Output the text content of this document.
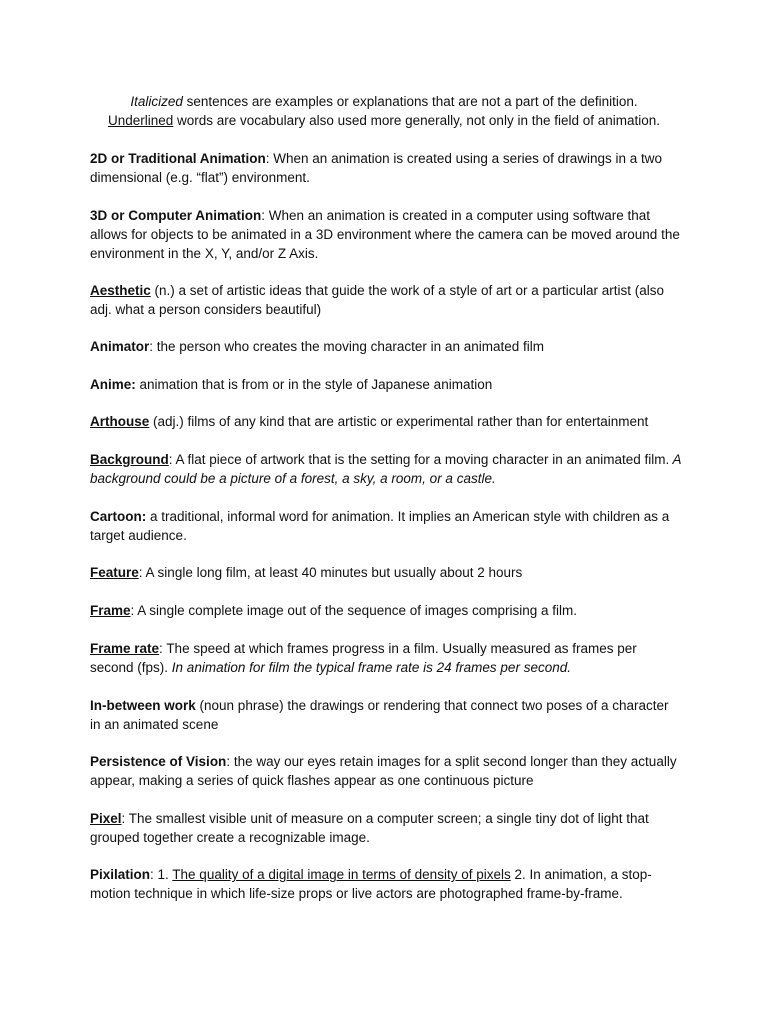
Italicized sentences are examples or explanations that are not a part of the definition.
Underlined words are vocabulary also used more generally, not only in the field of animation.

2D or Traditional Animation: When an animation is created using a series of drawings in a two dimensional (e.g. “flat”) environment.

3D or Computer Animation: When an animation is created in a computer using software that allows for objects to be animated in a 3D environment where the camera can be moved around the environment in the X, Y, and/or Z Axis.

Aesthetic (n.) a set of artistic ideas that guide the work of a style of art or a particular artist (also adj. what a person considers beautiful)

Animator: the person who creates the moving character in an animated film

Anime: animation that is from or in the style of Japanese animation

Arthouse (adj.) films of any kind that are artistic or experimental rather than for entertainment

Background: A flat piece of artwork that is the setting for a moving character in an animated film. A background could be a picture of a forest, a sky, a room, or a castle.

Cartoon: a traditional, informal word for animation. It implies an American style with children as a target audience.

Feature: A single long film, at least 40 minutes but usually about 2 hours

Frame: A single complete image out of the sequence of images comprising a film.

Frame rate: The speed at which frames progress in a film. Usually measured as frames per second (fps). In animation for film the typical frame rate is 24 frames per second.

In-between work (noun phrase) the drawings or rendering that connect two poses of a character in an animated scene

Persistence of Vision: the way our eyes retain images for a split second longer than they actually appear, making a series of quick flashes appear as one continuous picture

Pixel: The smallest visible unit of measure on a computer screen; a single tiny dot of light that grouped together create a recognizable image.

Pixilation: 1. The quality of a digital image in terms of density of pixels 2. In animation, a stop-motion technique in which life-size props or live actors are photographed frame-by-frame.
